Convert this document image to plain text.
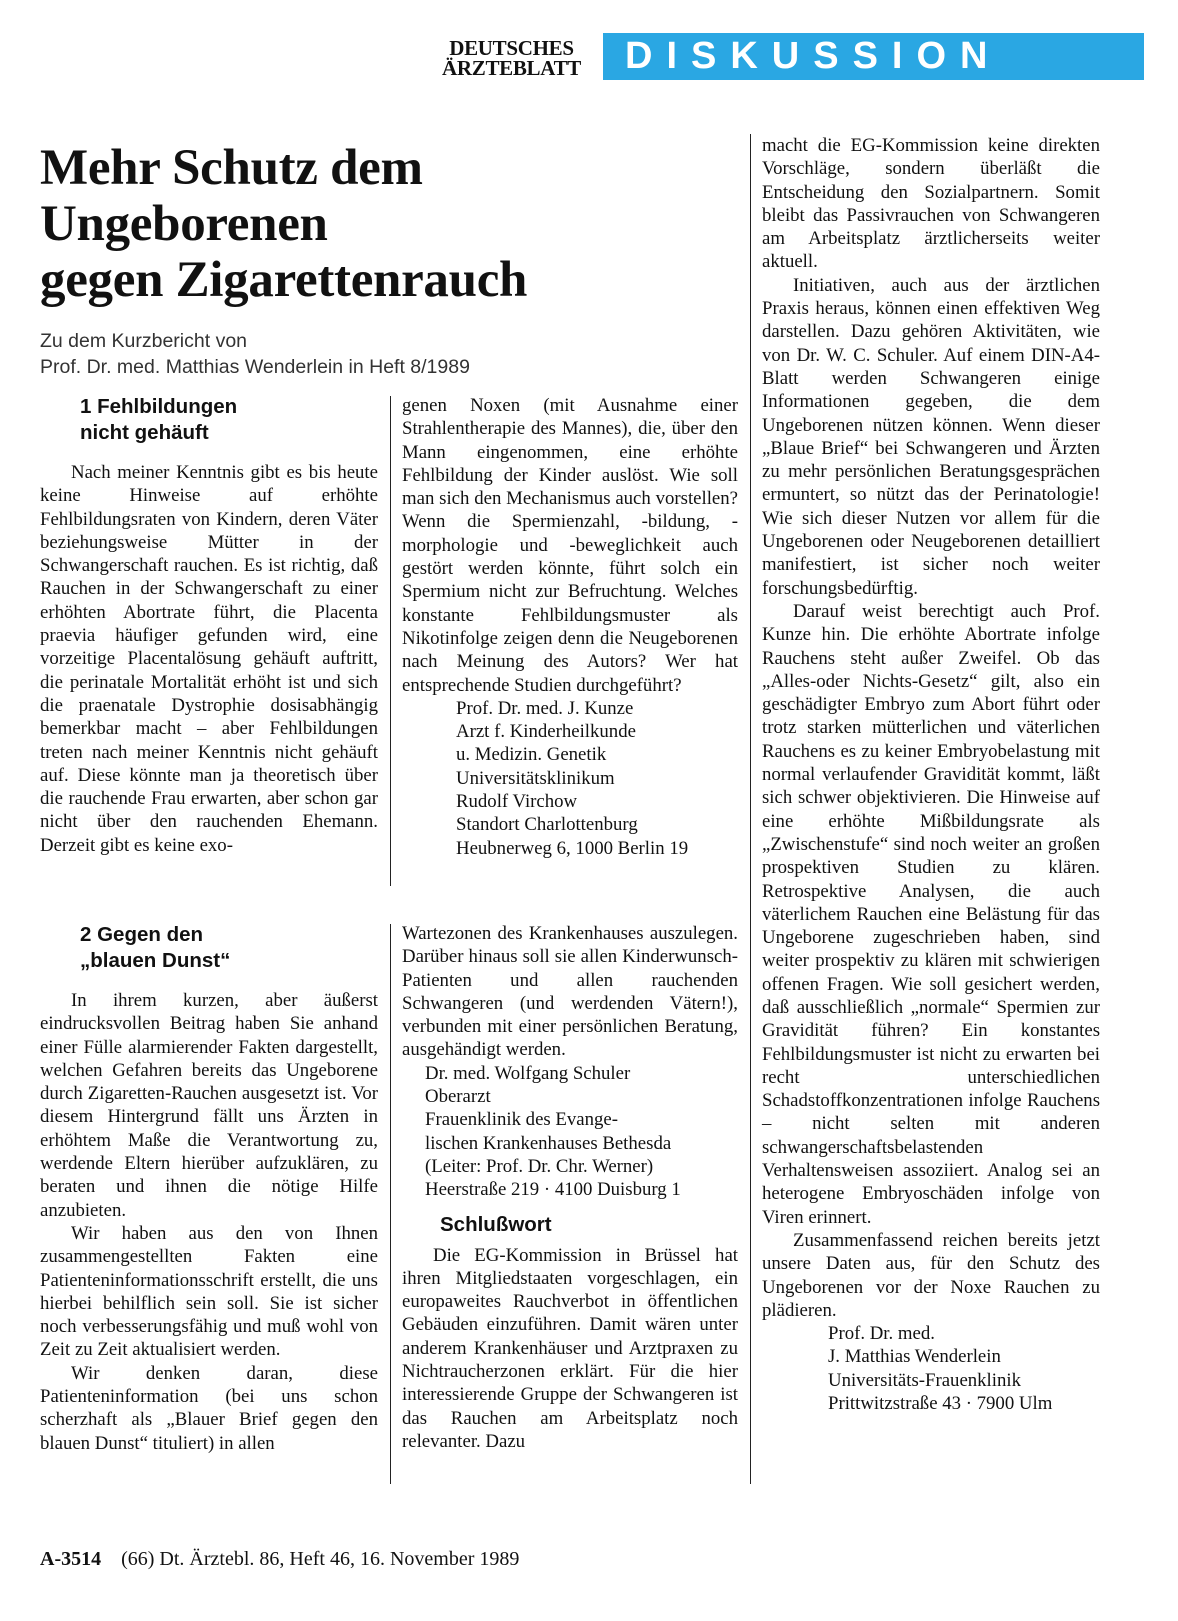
DEUTSCHES
ÄRZTEBLATT	DISKUSSION
Mehr Schutz dem
Ungeborenen
gegen Zigarettenrauch
Zu dem Kurzbericht von
Prof. Dr. med. Matthias Wenderlein in Heft 8/1989
1 Fehlbildungen
nicht gehäuft

Nach meiner Kenntnis gibt es bis heute keine Hinweise auf erhöhte Fehlbildungsraten von Kindern, deren Väter beziehungsweise Mütter in der Schwangerschaft rauchen. Es ist richtig, daß Rauchen in der Schwangerschaft zu einer erhöhten Abortrate führt, die Placenta praevia häufiger gefunden wird, eine vorzeitige Placentalösung gehäuft auftritt, die perinatale Mortalität erhöht ist und sich die praenatale Dystrophie dosisabhängig bemerkbar macht – aber Fehlbildungen treten nach meiner Kenntnis nicht gehäuft auf. Diese könnte man ja theoretisch über die rauchende Frau erwarten, aber schon gar nicht über den rauchenden Ehemann. Derzeit gibt es keine exo-

genen Noxen (mit Ausnahme einer Strahlentherapie des Mannes), die, über den Mann eingenommen, eine erhöhte Fehlbildung der Kinder auslöst. Wie soll man sich den Mechanismus auch vorstellen? Wenn die Spermienzahl, -bildung, -morphologie und -beweglichkeit auch gestört werden könnte, führt solch ein Spermium nicht zur Befruchtung. Welches konstante Fehlbildungsmuster als Nikotinfolge zeigen denn die Neugeborenen nach Meinung des Autors? Wer hat entsprechende Studien durchgeführt?

Prof. Dr. med. J. Kunze
Arzt f. Kinderheilkunde
u. Medizin. Genetik
Universitätsklinikum
Rudolf Virchow
Standort Charlottenburg
Heubnerweg 6, 1000 Berlin 19
2 Gegen den
„blauen Dunst“

In ihrem kurzen, aber äußerst eindrucksvollen Beitrag haben Sie anhand einer Fülle alarmierender Fakten dargestellt, welchen Gefahren bereits das Ungeborene durch Zigaretten-Rauchen ausgesetzt ist. Vor diesem Hintergrund fällt uns Ärzten in erhöhtem Maße die Verantwortung zu, werdende Eltern hierüber aufzuklären, zu beraten und ihnen die nötige Hilfe anzubieten.

Wir haben aus den von Ihnen zusammengestellten Fakten eine Patienteninformationsschrift erstellt, die uns hierbei behilflich sein soll. Sie ist sicher noch verbesserungsfähig und muß wohl von Zeit zu Zeit aktualisiert werden.

Wir denken daran, diese Patienteninformation (bei uns schon scherzhaft als „Blauer Brief gegen den blauen Dunst“ tituliert) in allen

Wartezonen des Krankenhauses auszulegen. Darüber hinaus soll sie allen Kinderwunsch-Patienten und allen rauchenden Schwangeren (und werdenden Vätern!), verbunden mit einer persönlichen Beratung, ausgehändigt werden.

Dr. med. Wolfgang Schuler
Oberarzt
Frauenklinik des Evange-
lischen Krankenhauses Bethesda
(Leiter: Prof. Dr. Chr. Werner)
Heerstraße 219 · 4100 Duisburg 1
Schlußwort

Die EG-Kommission in Brüssel hat ihren Mitgliedstaaten vorgeschlagen, ein europaweites Rauchverbot in öffentlichen Gebäuden einzuführen. Damit wären unter anderem Krankenhäuser und Arztpraxen zu Nichtraucherzonen erklärt. Für die hier interessierende Gruppe der Schwangeren ist das Rauchen am Arbeitsplatz noch relevanter. Dazu

macht die EG-Kommission keine direkten Vorschläge, sondern überläßt die Entscheidung den Sozialpartnern. Somit bleibt das Passivrauchen von Schwangeren am Arbeitsplatz ärztlicherseits weiter aktuell.

Initiativen, auch aus der ärztlichen Praxis heraus, können einen effektiven Weg darstellen. Dazu gehören Aktivitäten, wie von Dr. W. C. Schuler. Auf einem DIN-A4-Blatt werden Schwangeren einige Informationen gegeben, die dem Ungeborenen nützen können. Wenn dieser „Blaue Brief“ bei Schwangeren und Ärzten zu mehr persönlichen Beratungsgesprächen ermuntert, so nützt das der Perinatologie! Wie sich dieser Nutzen vor allem für die Ungeborenen oder Neugeborenen detailliert manifestiert, ist sicher noch weiter forschungsbedürftig.

Darauf weist berechtigt auch Prof. Kunze hin. Die erhöhte Abortrate infolge Rauchens steht außer Zweifel. Ob das „Alles-oder Nichts-Gesetz“ gilt, also ein geschädigter Embryo zum Abort führt oder trotz starken mütterlichen und väterlichen Rauchens es zu keiner Embryobelastung mit normal verlaufender Gravidität kommt, läßt sich schwer objektivieren. Die Hinweise auf eine erhöhte Mißbildungsrate als „Zwischenstufe“ sind noch weiter an großen prospektiven Studien zu klären. Retrospektive Analysen, die auch väterlichem Rauchen eine Belästung für das Ungeborene zugeschrieben haben, sind weiter prospektiv zu klären mit schwierigen offenen Fragen. Wie soll gesichert werden, daß ausschließlich „normale“ Spermien zur Gravidität führen? Ein konstantes Fehlbildungsmuster ist nicht zu erwarten bei recht unterschiedlichen Schadstoffkonzentrationen infolge Rauchens – nicht selten mit anderen schwangerschaftsbelastenden Verhaltensweisen assoziiert. Analog sei an heterogene Embryoschäden infolge von Viren erinnert.

Zusammenfassend reichen bereits jetzt unsere Daten aus, für den Schutz des Ungeborenen vor der Noxe Rauchen zu plädieren.

Prof. Dr. med.
J. Matthias Wenderlein
Universitäts-Frauenklinik
Prittwitzstraße 43 · 7900 Ulm
A-3514 (66) Dt. Ärztebl. 86, Heft 46, 16. November 1989
